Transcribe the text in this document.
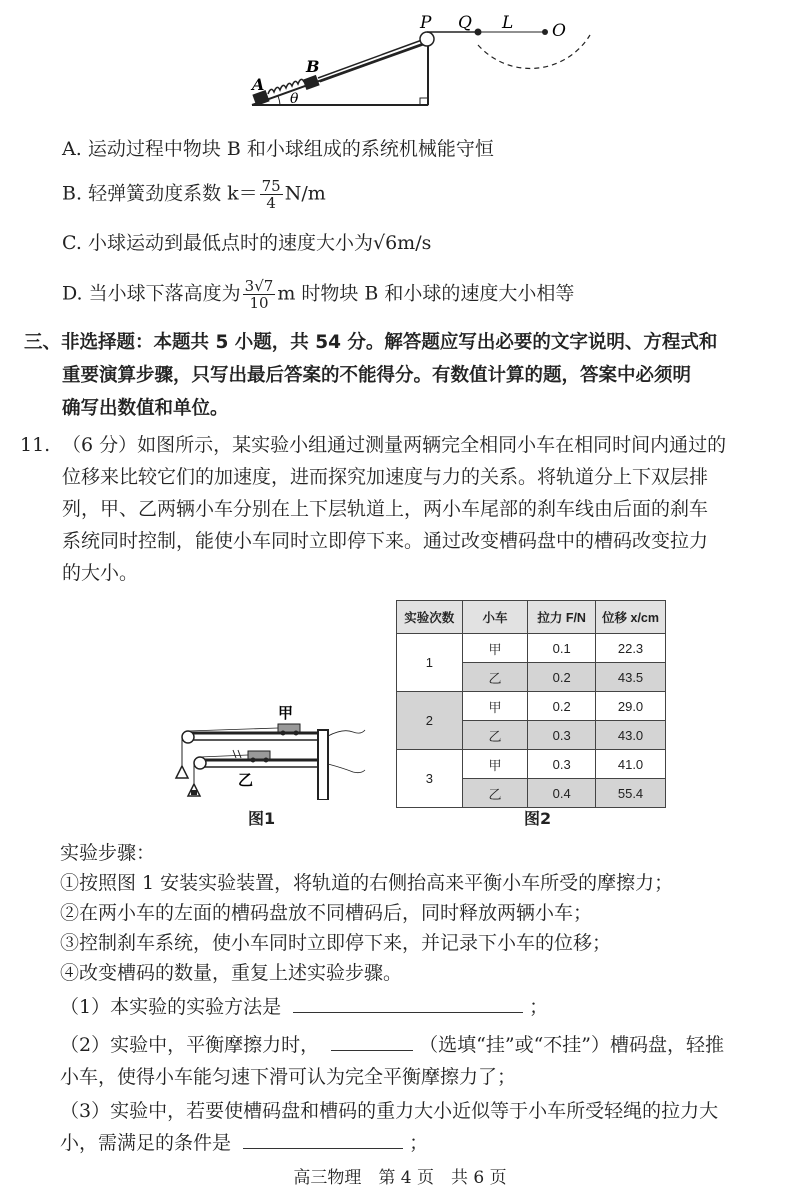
P Q L O
A
B
θ
A. 运动过程中物块 B 和小球组成的系统机械能守恒
B. 轻弹簧劲度系数 $k= \frac{75}{4} N/m$
C. 小球运动到最低点时的速度大小为√6m/s
D. 当小球下落高度为 $\frac{3√7}{10}$ m 时物块 B 和小球的速度大小相等
三、非选择题：本题共 5 小题，共 54 分。解答题应写出必要的文字说明、方程式和
重要演算步骤，只写出最后答案的不能得分。有数值计算的题，答案中必须明
确写出数值和单位。
11. （6 分）如图所示，某实验小组通过测量两辆完全相同小车在相同时间内通过的
位移来比较它们的加速度，进而探究加速度与力的关系。将轨道分上下双层排
列，甲、乙两辆小车分别在上下层轨道上，两小车尾部的刹车线由后面的刹车
系统同时控制，能使小车同时立即停下来。通过改变槽码盘中的槽码改变拉力
的大小。
甲
乙
图1
实验次数	小车	拉力 F/N	位移 x/cm
1	甲	0.1	22.3
	乙	0.2	43.5
2	甲	0.2	29.0
	乙	0.3	43.0
3	甲	0.3	41.0
	乙	0.4	55.4
图2
实验步骤：
①按照图 1 安装实验装置，将轨道的右侧抬高来平衡小车所受的摩擦力；
②在两小车的左面的槽码盘放不同槽码后，同时释放两辆小车；
③控制刹车系统，使小车同时立即停下来，并记录下小车的位移；
④改变槽码的数量，重复上述实验步骤。
（1）本实验的实验方法是	；
（2）实验中，平衡摩擦力时，	（选填“挂”或“不挂”）槽码盘，轻推
小车，使得小车能匀速下滑可认为完全平衡摩擦力了；
（3）实验中，若要使槽码盘和槽码的重力大小近似等于小车所受轻绳的拉力大
小，需满足的条件是	；
高三物理　第 4 页　共 6 页
